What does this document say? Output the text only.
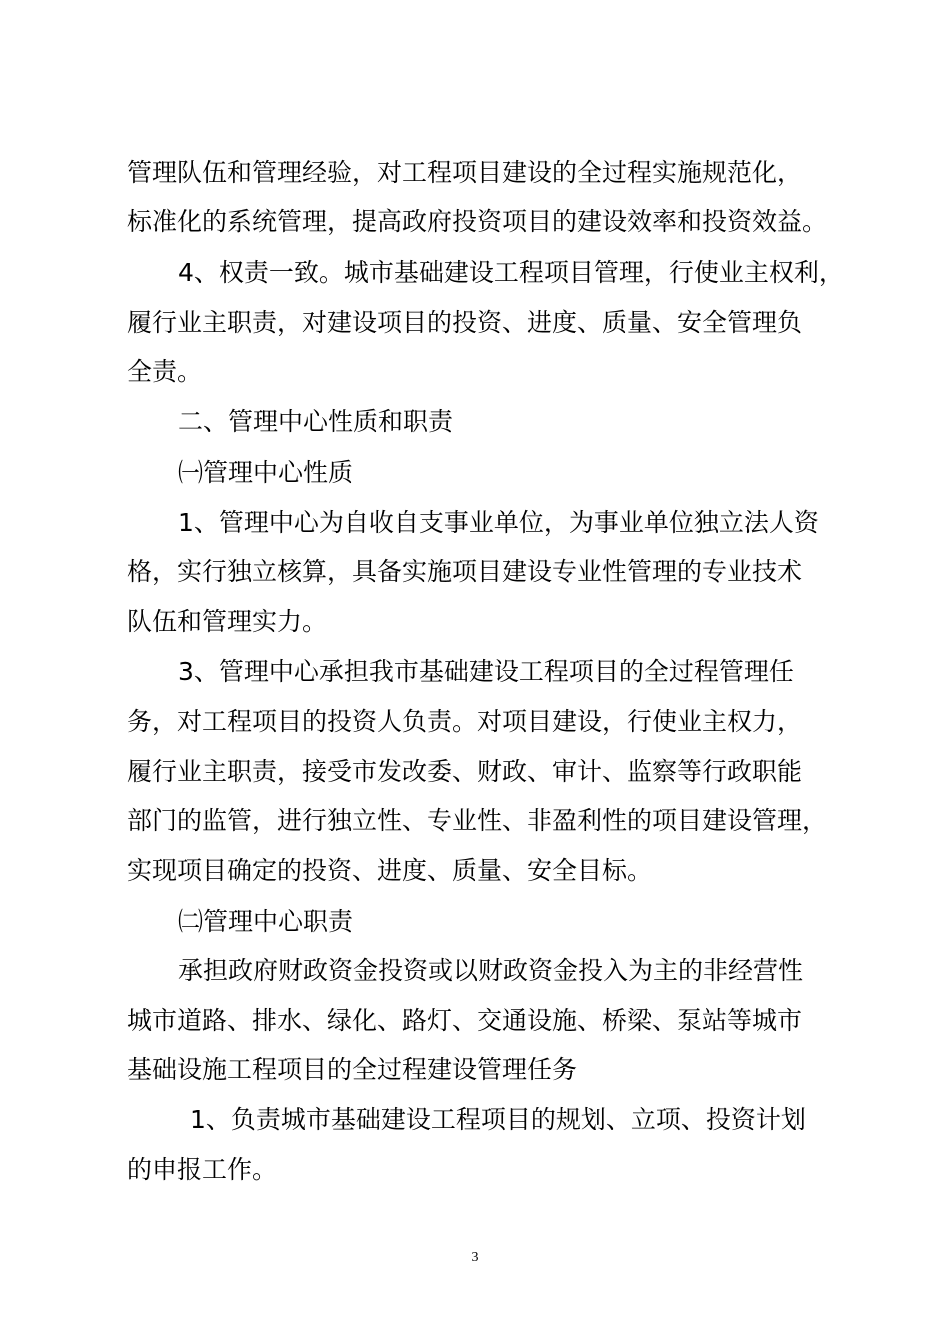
管理队伍和管理经验，对工程项目建设的全过程实施规范化，
标准化的系统管理，提高政府投资项目的建设效率和投资效益。
4、权责一致。城市基础建设工程项目管理，行使业主权利，
履行业主职责，对建设项目的投资、进度、质量、安全管理负
全责。
二、管理中心性质和职责
㈠管理中心性质
1、管理中心为自收自支事业单位，为事业单位独立法人资
格，实行独立核算，具备实施项目建设专业性管理的专业技术
队伍和管理实力。
3、管理中心承担我市基础建设工程项目的全过程管理任
务，对工程项目的投资人负责。对项目建设，行使业主权力，
履行业主职责，接受市发改委、财政、审计、监察等行政职能
部门的监管，进行独立性、专业性、非盈利性的项目建设管理，
实现项目确定的投资、进度、质量、安全目标。
㈡管理中心职责
承担政府财政资金投资或以财政资金投入为主的非经营性
城市道路、排水、绿化、路灯、交通设施、桥梁、泵站等城市
基础设施工程项目的全过程建设管理任务
1、负责城市基础建设工程项目的规划、立项、投资计划
的申报工作。
3
